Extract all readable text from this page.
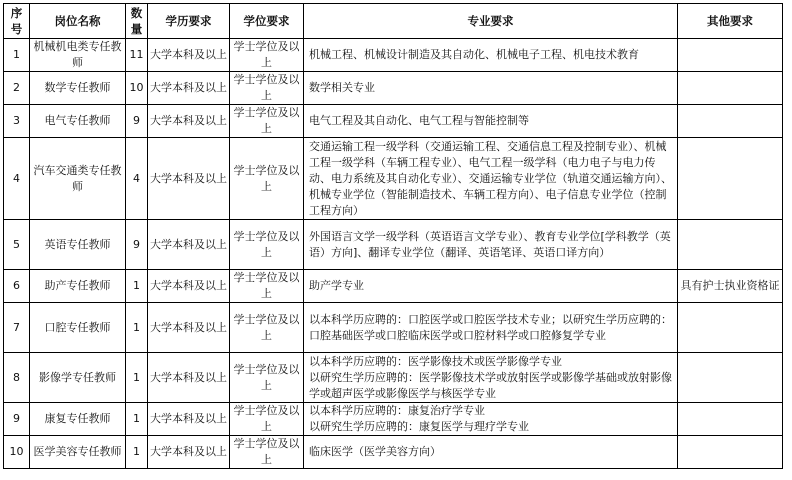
序号	岗位名称	数量	学历要求	学位要求	专业要求	其他要求
1	机械机电类专任教师	11	大学本科及以上	学士学位及以上	机械工程、机械设计制造及其自动化、机械电子工程、机电技术教育	
2	数学专任教师	10	大学本科及以上	学士学位及以上	数学相关专业	
3	电气专任教师	9	大学本科及以上	学士学位及以上	电气工程及其自动化、电气工程与智能控制等	
4	汽车交通类专任教师	4	大学本科及以上	学士学位及以上	交通运输工程一级学科（交通运输工程、交通信息工程及控制专业）、机械工程一级学科（车辆工程专业）、电气工程一级学科（电力电子与电力传动、电力系统及其自动化专业）、交通运输专业学位（轨道交通运输方向）、机械专业学位（智能制造技术、车辆工程方向）、电子信息专业学位（控制工程方向）	
5	英语专任教师	9	大学本科及以上	学士学位及以上	外国语言文学一级学科（英语语言文学专业）、教育专业学位[学科教学（英语）方向]、翻译专业学位（翻译、英语笔译、英语口译方向）	
6	助产专任教师	1	大学本科及以上	学士学位及以上	助产学专业	具有护士执业资格证
7	口腔专任教师	1	大学本科及以上	学士学位及以上	以本科学历应聘的：口腔医学或口腔医学技术专业；以研究生学历应聘的：口腔基础医学或口腔临床医学或口腔材料学或口腔修复学专业	
8	影像学专任教师	1	大学本科及以上	学士学位及以上	以本科学历应聘的：医学影像技术或医学影像学专业
以研究生学历应聘的：医学影像技术学或放射医学或影像学基础或放射影像学或超声医学或影像医学与核医学专业	
9	康复专任教师	1	大学本科及以上	学士学位及以上	以本科学历应聘的：康复治疗学专业
以研究生学历应聘的：康复医学与理疗学专业	
10	医学美容专任教师	1	大学本科及以上	学士学位及以上	临床医学（医学美容方向）	
